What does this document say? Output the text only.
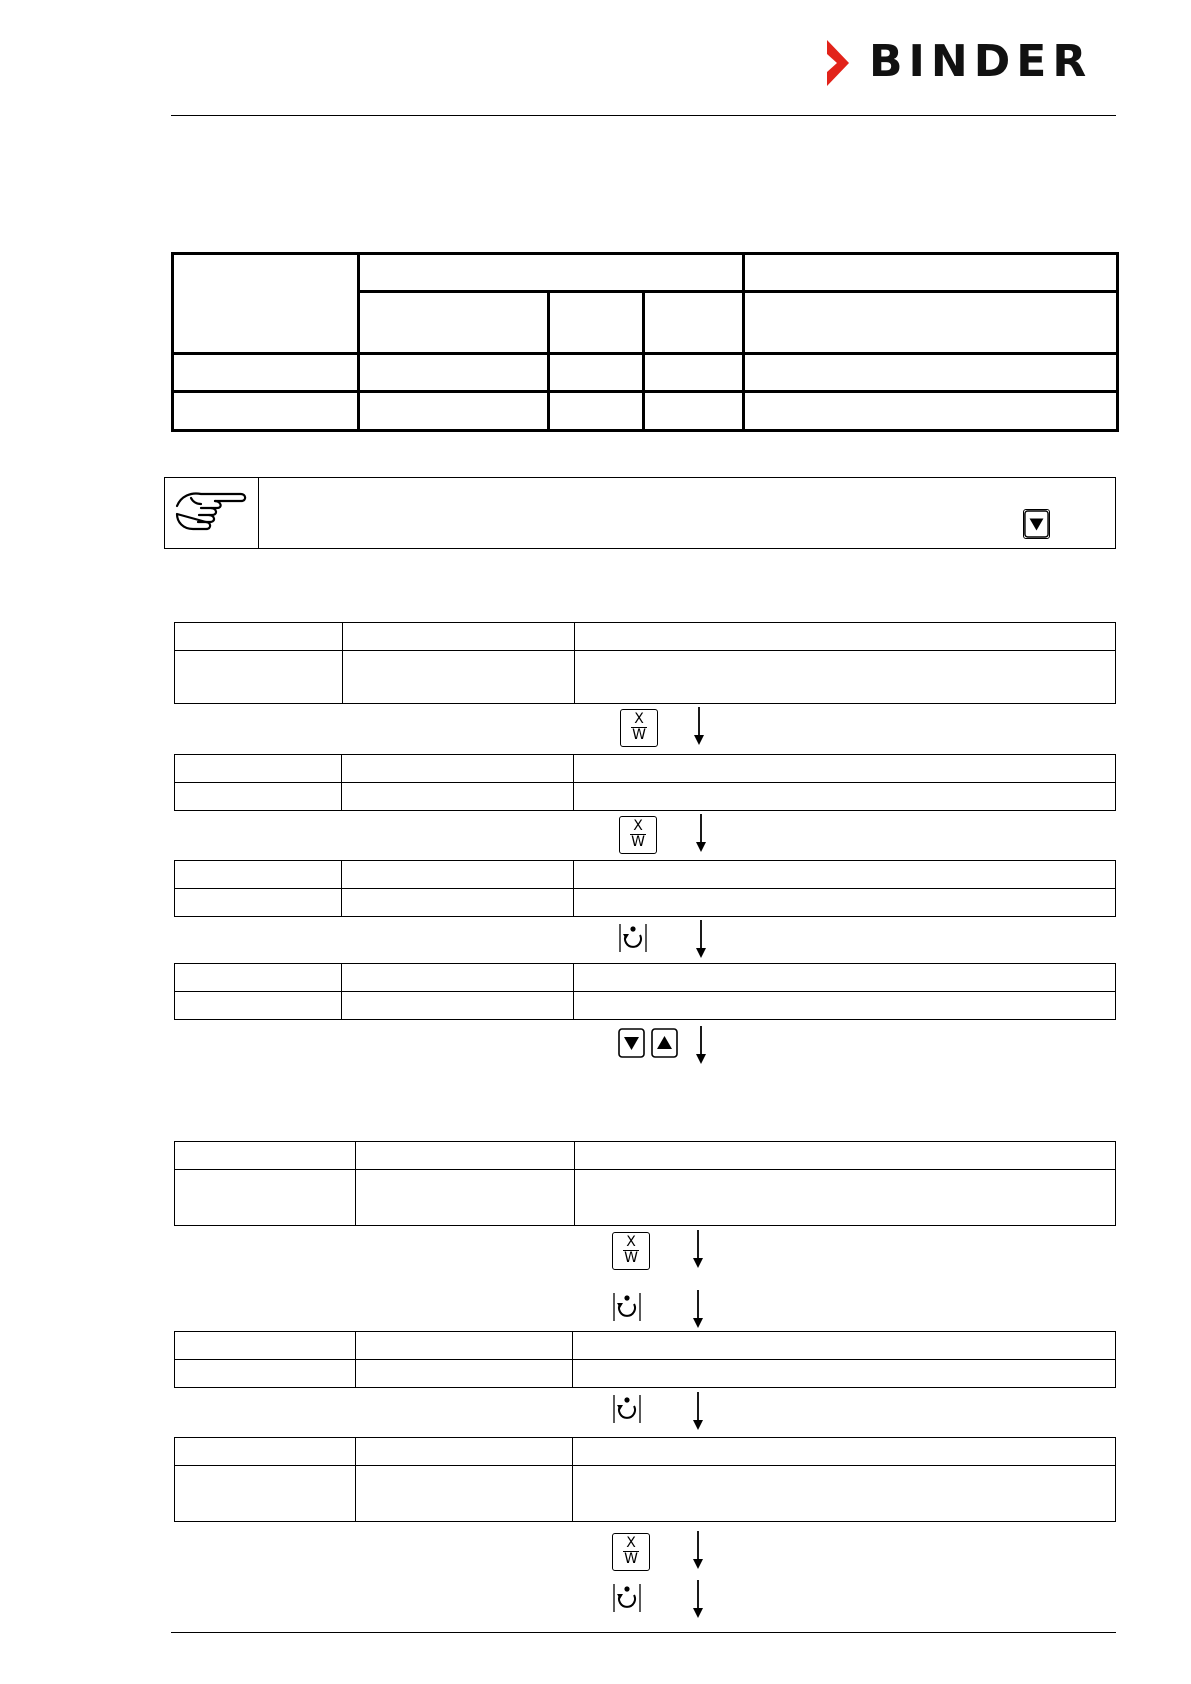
BINDER

X
W
X
W
X
W
X
W
